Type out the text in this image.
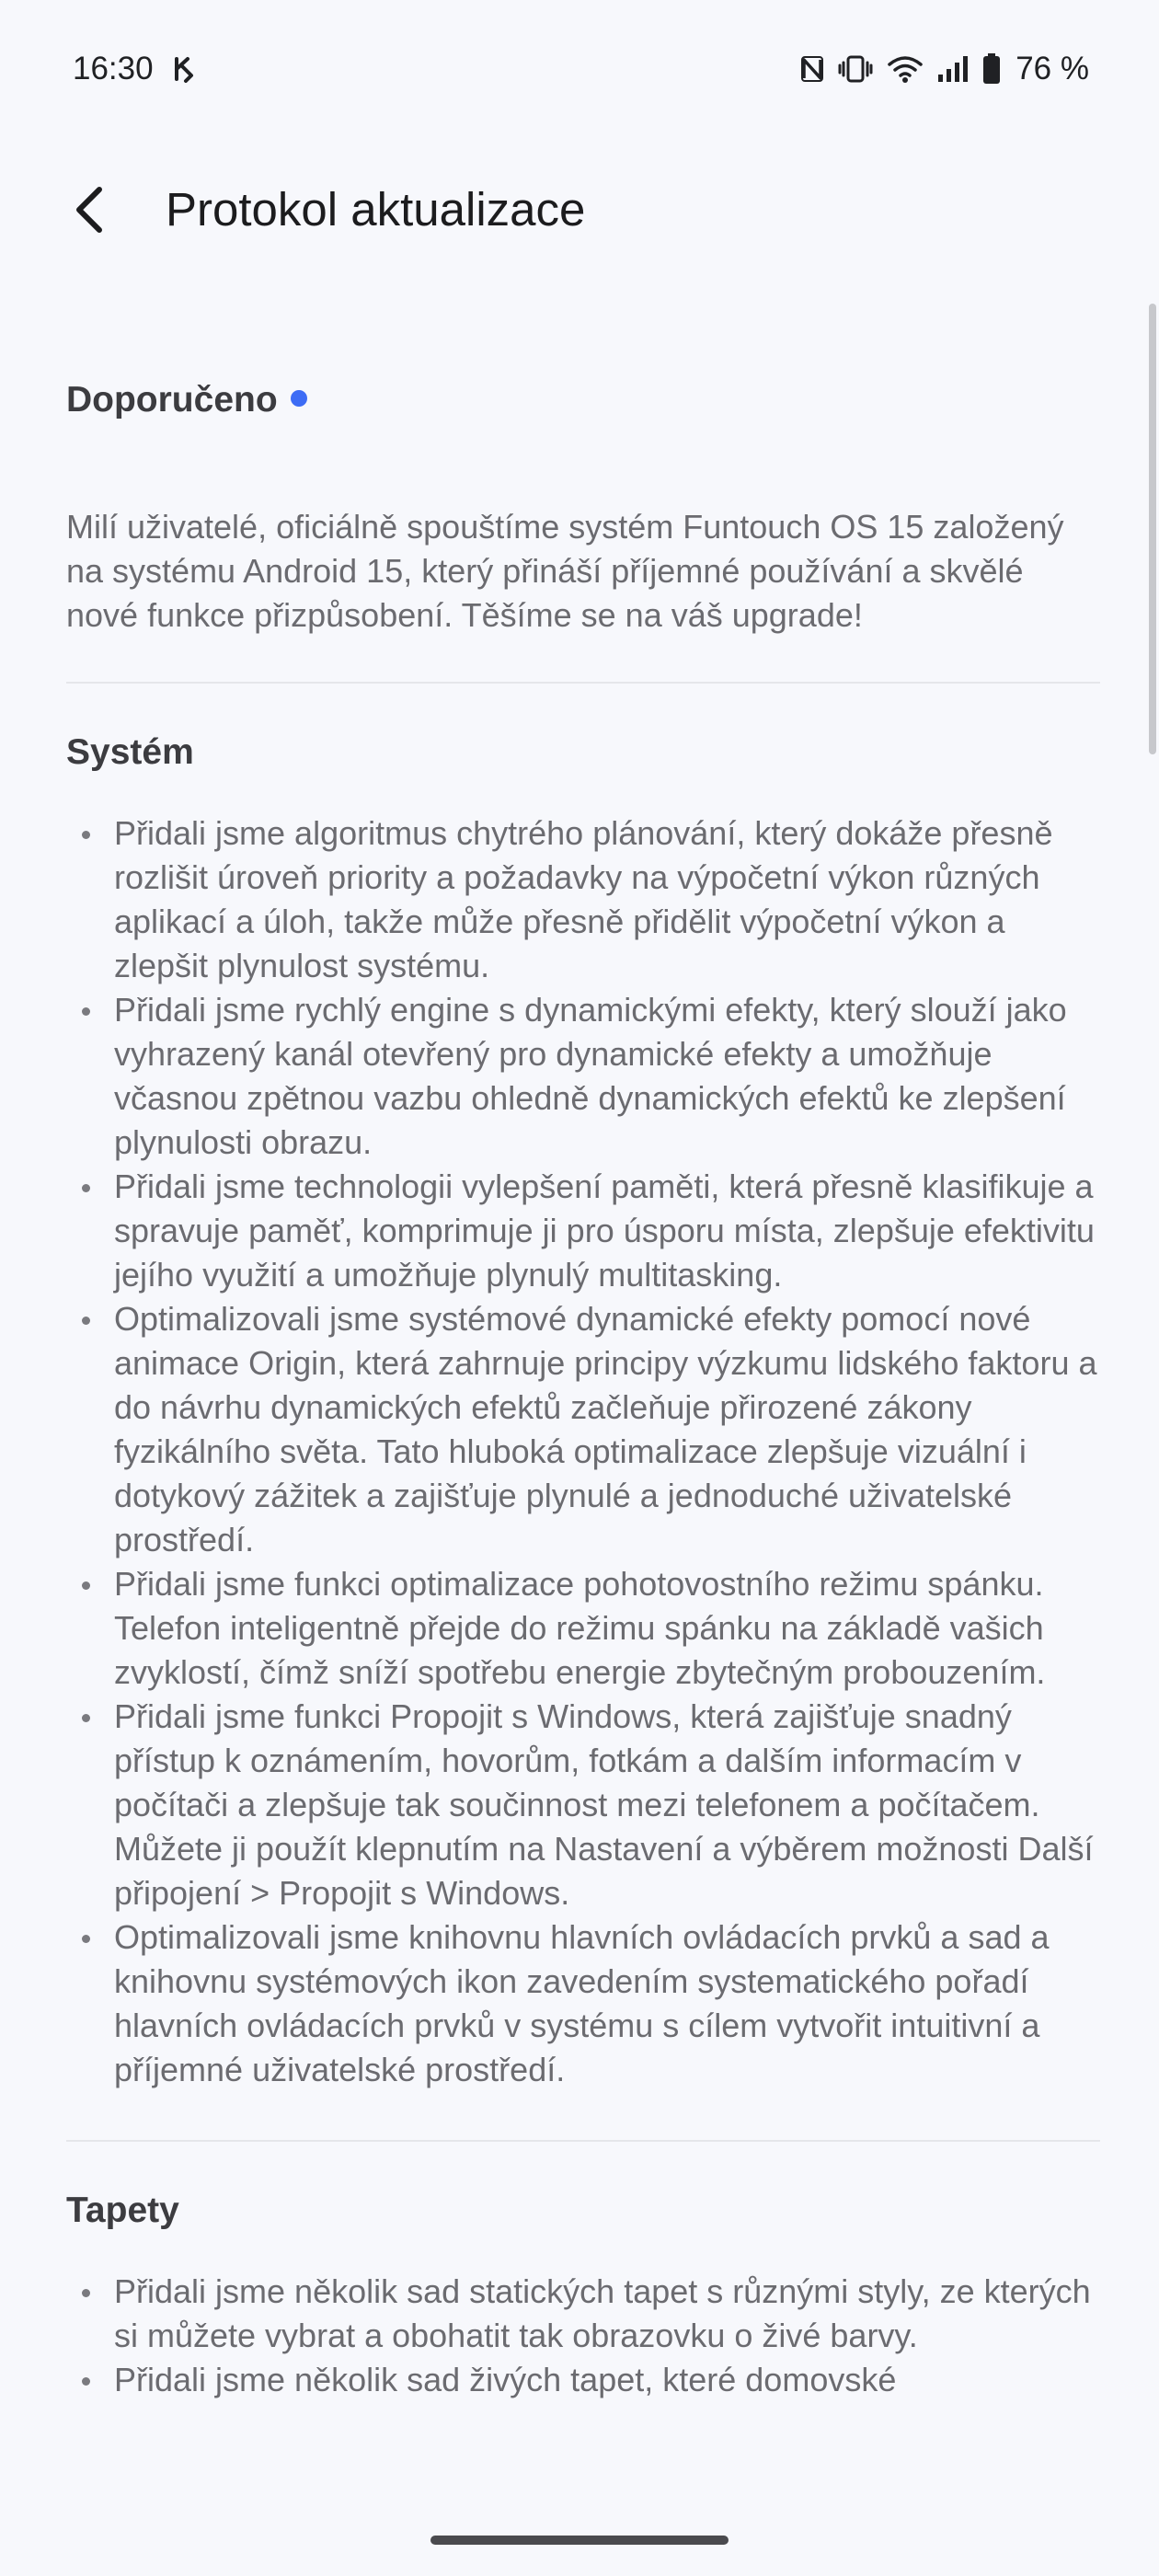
16:30	76 %
Protokol aktualizace
Doporučeno

Milí uživatelé, oficiálně spouštíme systém Funtouch OS 15 založený na systému Android 15, který přináší příjemné používání a skvělé nové funkce přizpůsobení. Těšíme se na váš upgrade!

Systém
Přidali jsme algoritmus chytrého plánování, který dokáže přesně rozlišit úroveň priority a požadavky na výpočetní výkon různých aplikací a úloh, takže může přesně přidělit výpočetní výkon a zlepšit plynulost systému.
Přidali jsme rychlý engine s dynamickými efekty, který slouží jako vyhrazený kanál otevřený pro dynamické efekty a umožňuje včasnou zpětnou vazbu ohledně dynamických efektů ke zlepšení plynulosti obrazu.
Přidali jsme technologii vylepšení paměti, která přesně klasifikuje a spravuje paměť, komprimuje ji pro úsporu místa, zlepšuje efektivitu jejího využití a umožňuje plynulý multitasking.
Optimalizovali jsme systémové dynamické efekty pomocí nové animace Origin, která zahrnuje principy výzkumu lidského faktoru a do návrhu dynamických efektů začleňuje přirozené zákony fyzikálního světa. Tato hluboká optimalizace zlepšuje vizuální i dotykový zážitek a zajišťuje plynulé a jednoduché uživatelské prostředí.
Přidali jsme funkci optimalizace pohotovostního režimu spánku. Telefon inteligentně přejde do režimu spánku na základě vašich zvyklostí, čímž sníží spotřebu energie zbytečným probouzením.
Přidali jsme funkci Propojit s Windows, která zajišťuje snadný přístup k oznámením, hovorům, fotkám a dalším informacím v počítači a zlepšuje tak součinnost mezi telefonem a počítačem. Můžete ji použít klepnutím na Nastavení a výběrem možnosti Další připojení > Propojit s Windows.
Optimalizovali jsme knihovnu hlavních ovládacích prvků a sad a knihovnu systémových ikon zavedením systematického pořadí hlavních ovládacích prvků v systému s cílem vytvořit intuitivní a příjemné uživatelské prostředí.
Tapety
Přidali jsme několik sad statických tapet s různými styly, ze kterých si můžete vybrat a obohatit tak obrazovku o živé barvy.
Přidali jsme několik sad živých tapet, které domovské
